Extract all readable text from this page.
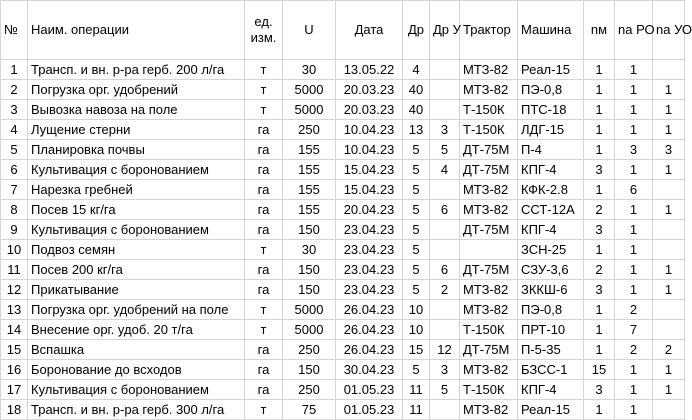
№	Наим. операции	ед. изм.	U	Дата	Др	Др У	Трактор	Машина	nм	na РО	na УО
1	Трансп. и вн. р-ра герб. 200 л/га	т	30	13.05.22	4		МТЗ-82	Реал-15	1	1	
2	Погрузка орг. удобрений	т	5000	20.03.23	40		МТЗ-82	ПЭ-0,8	1	1	1
3	Вывозка навоза на поле	т	5000	20.03.23	40		Т-150К	ПТС-18	1	1	1
4	Лущение стерни	га	250	10.04.23	13	3	Т-150К	ЛДГ-15	1	1	1
5	Планировка почвы	га	155	10.04.23	5	5	ДТ-75М	П-4	1	3	3
6	Культивация с боронованием	га	155	15.04.23	5	4	ДТ-75М	КПГ-4	3	1	1
7	Нарезка гребней	га	155	15.04.23	5		МТЗ-82	КФК-2.8	1	6	
8	Посев 15 кг/га	га	155	20.04.23	5	6	МТЗ-82	ССТ-12А	2	1	1
9	Культивация с боронованием	га	150	23.04.23	5		ДТ-75М	КПГ-4	3	1	
10	Подвоз семян	т	30	23.04.23	5			ЗСН-25	1	1	
11	Посев 200 кг/га	га	150	23.04.23	5	6	ДТ-75М	СЗУ-3,6	2	1	1
12	Прикатывание	га	150	23.04.23	5	2	МТЗ-82	ЗККШ-6	3	1	1
13	Погрузка орг. удобрений на поле	т	5000	26.04.23	10		МТЗ-82	ПЭ-0,8	1	2	
14	Внесение орг. удоб. 20 т/га	т	5000	26.04.23	10		Т-150К	ПРТ-10	1	7	
15	Вспашка	га	250	26.04.23	15	12	ДТ-75М	П-5-35	1	2	2
16	Боронование до всходов	га	150	30.04.23	5	3	МТЗ-82	БЗСС-1	15	1	1
17	Культивация с боронованием	га	250	01.05.23	11	5	Т-150К	КПГ-4	3	1	1
18	Трансп. и вн. р-ра герб. 300 л/га	т	75	01.05.23	11		МТЗ-82	Реал-15	1	1	
